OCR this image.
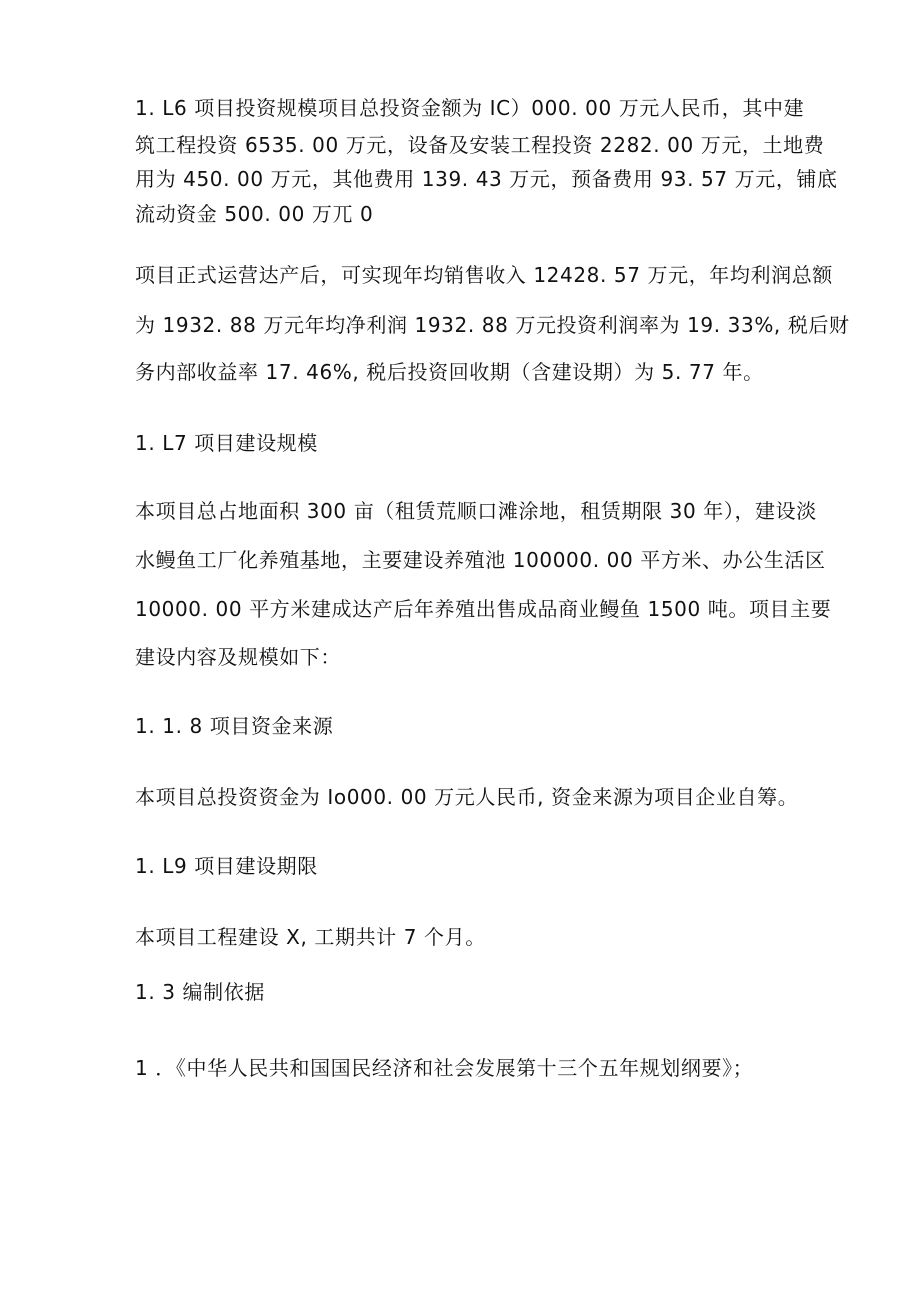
1. L6 项目投资规模项目总投资金额为 IC）000. 00 万元人民币，其中建
筑工程投资 6535. 00 万元，设备及安装工程投资 2282. 00 万元，土地费
用为 450. 00 万元，其他费用 139. 43 万元，预备费用 93. 57 万元，铺底
流动资金 500. 00 万兀 0
项目正式运营达产后，可实现年均销售收入 12428. 57 万元，年均利润总额
为 1932. 88 万元年均净利润 1932. 88 万元投资利润率为 19. 33%, 税后财
务内部收益率 17. 46%, 税后投资回收期（含建设期）为 5. 77 年。
1. L7 项目建设规模
本项目总占地面积 300 亩（租赁荒顺口滩涂地，租赁期限 30 年），建设淡
水鳗鱼工厂化养殖基地，主要建设养殖池 100000. 00 平方米、办公生活区
10000. 00 平方米建成达产后年养殖出售成品商业鳗鱼 1500 吨。项目主要
建设内容及规模如下：
1. 1. 8 项目资金来源
本项目总投资资金为 Io000. 00 万元人民币, 资金来源为项目企业自筹。
1. L9 项目建设期限
本项目工程建设 X, 工期共计 7 个月。
1. 3 编制依据
1 ．《中华人民共和国国民经济和社会发展第十三个五年规划纲要》；
